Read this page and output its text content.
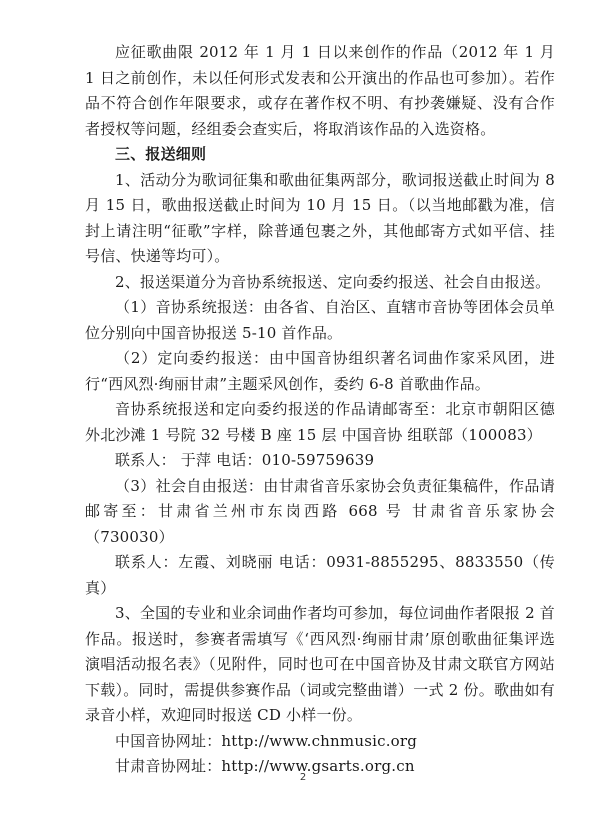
应征歌曲限 2012 年 1 月 1 日以来创作的作品（2012 年 1 月 1 日之前创作，未以任何形式发表和公开演出的作品也可参加）。若作品不符合创作年限要求，或存在著作权不明、有抄袭嫌疑、没有合作者授权等问题，经组委会查实后，将取消该作品的入选资格。

三、报送细则

1、活动分为歌词征集和歌曲征集两部分，歌词报送截止时间为 8 月 15 日，歌曲报送截止时间为 10 月 15 日。（以当地邮戳为准，信封上请注明“征歌”字样，除普通包裹之外，其他邮寄方式如平信、挂号信、快递等均可）。

2、报送渠道分为音协系统报送、定向委约报送、社会自由报送。

（1）音协系统报送：由各省、自治区、直辖市音协等团体会员单位分别向中国音协报送 5-10 首作品。

（2）定向委约报送：由中国音协组织著名词曲作家采风团，进行“西风烈·绚丽甘肃”主题采风创作，委约 6-8 首歌曲作品。

音协系统报送和定向委约报送的作品请邮寄至：北京市朝阳区德外北沙滩 1 号院 32 号楼 B 座 15 层 中国音协 组联部（100083）

联系人： 于萍 电话：010-59759639

（3）社会自由报送：由甘肃省音乐家协会负责征集稿件，作品请邮寄至：甘肃省兰州市东岗西路 668 号 甘肃省音乐家协会（730030）

联系人：左霞、刘晓丽 电话：0931-8855295、8833550（传真）

3、全国的专业和业余词曲作者均可参加，每位词曲作者限报 2 首作品。报送时，参赛者需填写《‘西风烈·绚丽甘肃’原创歌曲征集评选演唱活动报名表》（见附件，同时也可在中国音协及甘肃文联官方网站下载）。同时，需提供参赛作品（词或完整曲谱）一式 2 份。歌曲如有录音小样，欢迎同时报送 CD 小样一份。

中国音协网址：http://www.chnmusic.org

甘肃音协网址：http://www.gsarts.org.cn

2
